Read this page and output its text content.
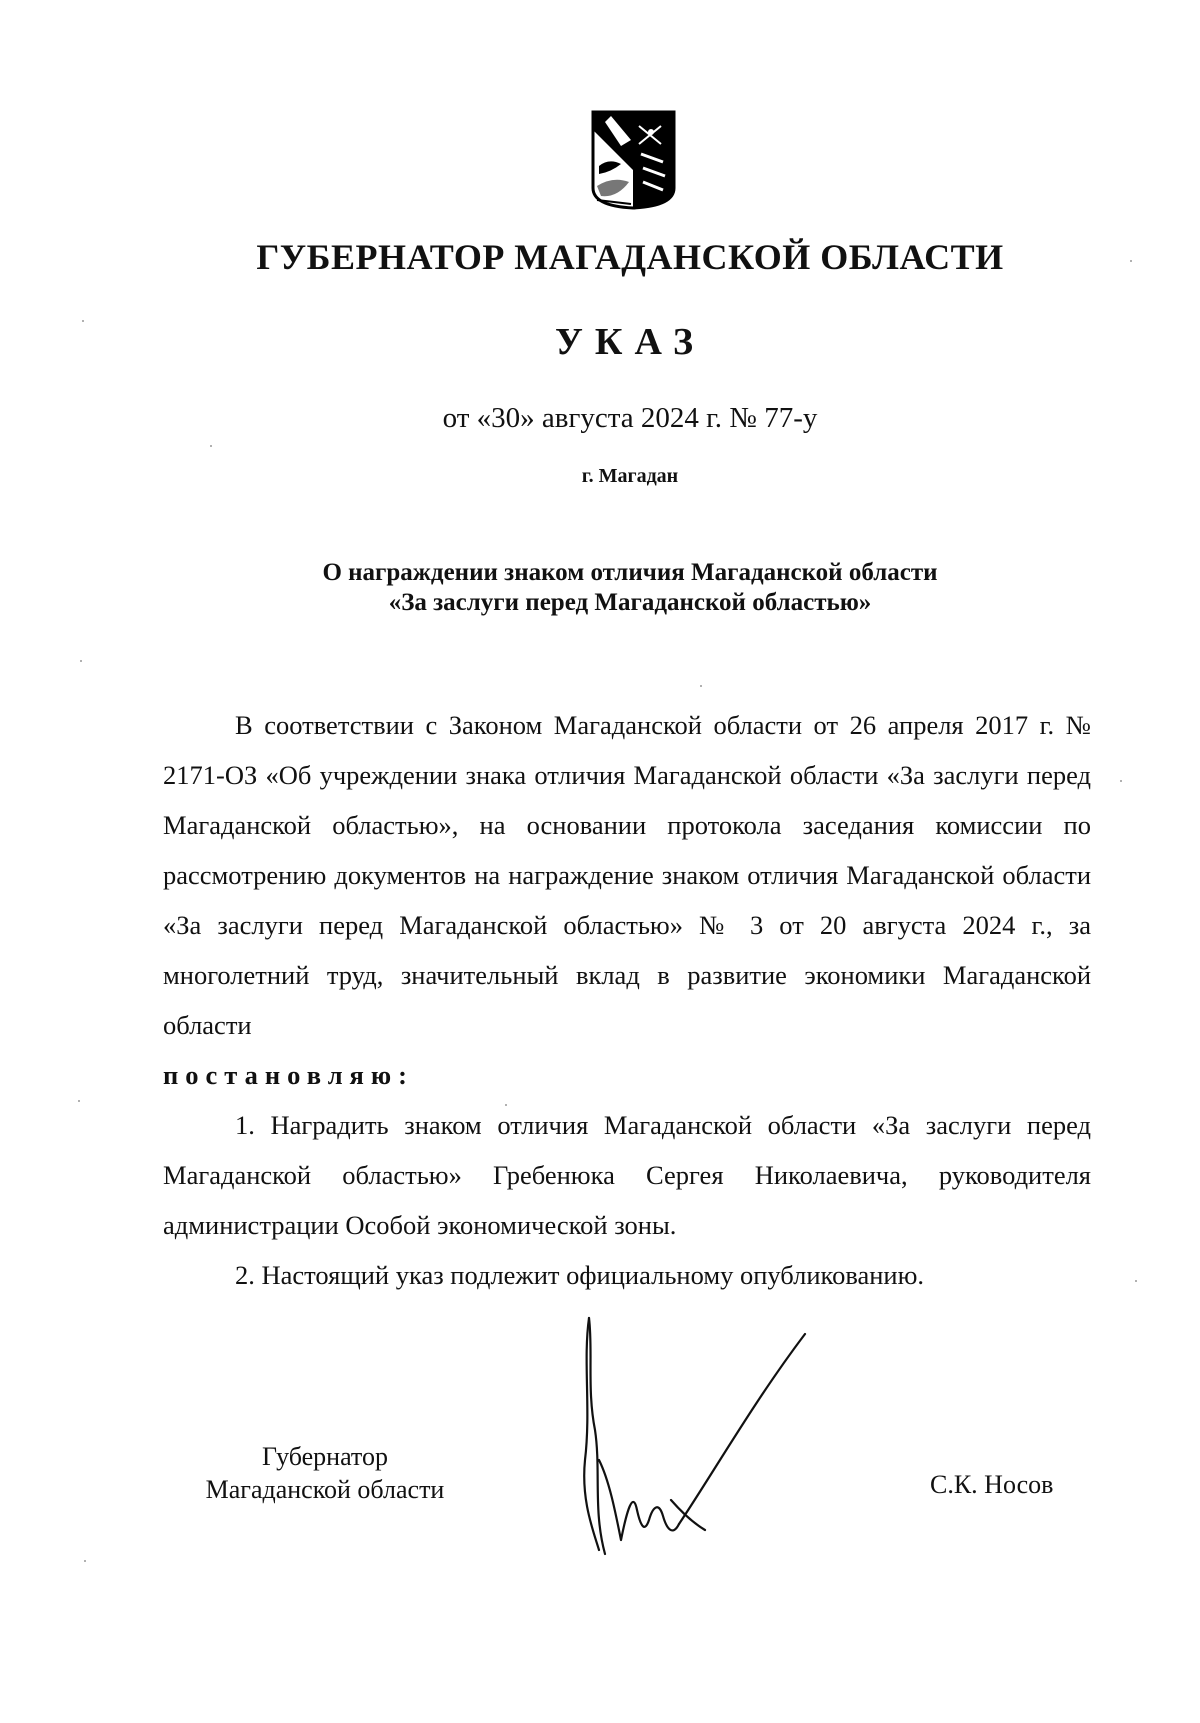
ГУБЕРНАТОР МАГАДАНСКОЙ ОБЛАСТИ
УКАЗ
от «30» августа 2024 г. № 77-у
г. Магадан
О награждении знаком отличия Магаданской области
«За заслуги перед Магаданской областью»

В соответствии с Законом Магаданской области от 26 апреля 2017 г. № 2171-ОЗ «Об учреждении знака отличия Магаданской области «За заслуги перед Магаданской областью», на основании протокола заседания комиссии по рассмотрению документов на награждение знаком отличия Магаданской области «За заслуги перед Магаданской областью» № 3 от 20 августа 2024 г., за многолетний труд, значительный вклад в развитие экономики Магаданской области

постановляю:

1. Наградить знаком отличия Магаданской области «За заслуги перед Магаданской областью» Гребенюка Сергея Николаевича, руководителя администрации Особой экономической зоны.

2. Настоящий указ подлежит официальному опубликованию.

Губернатор
Магаданской области	С.К. Носов
